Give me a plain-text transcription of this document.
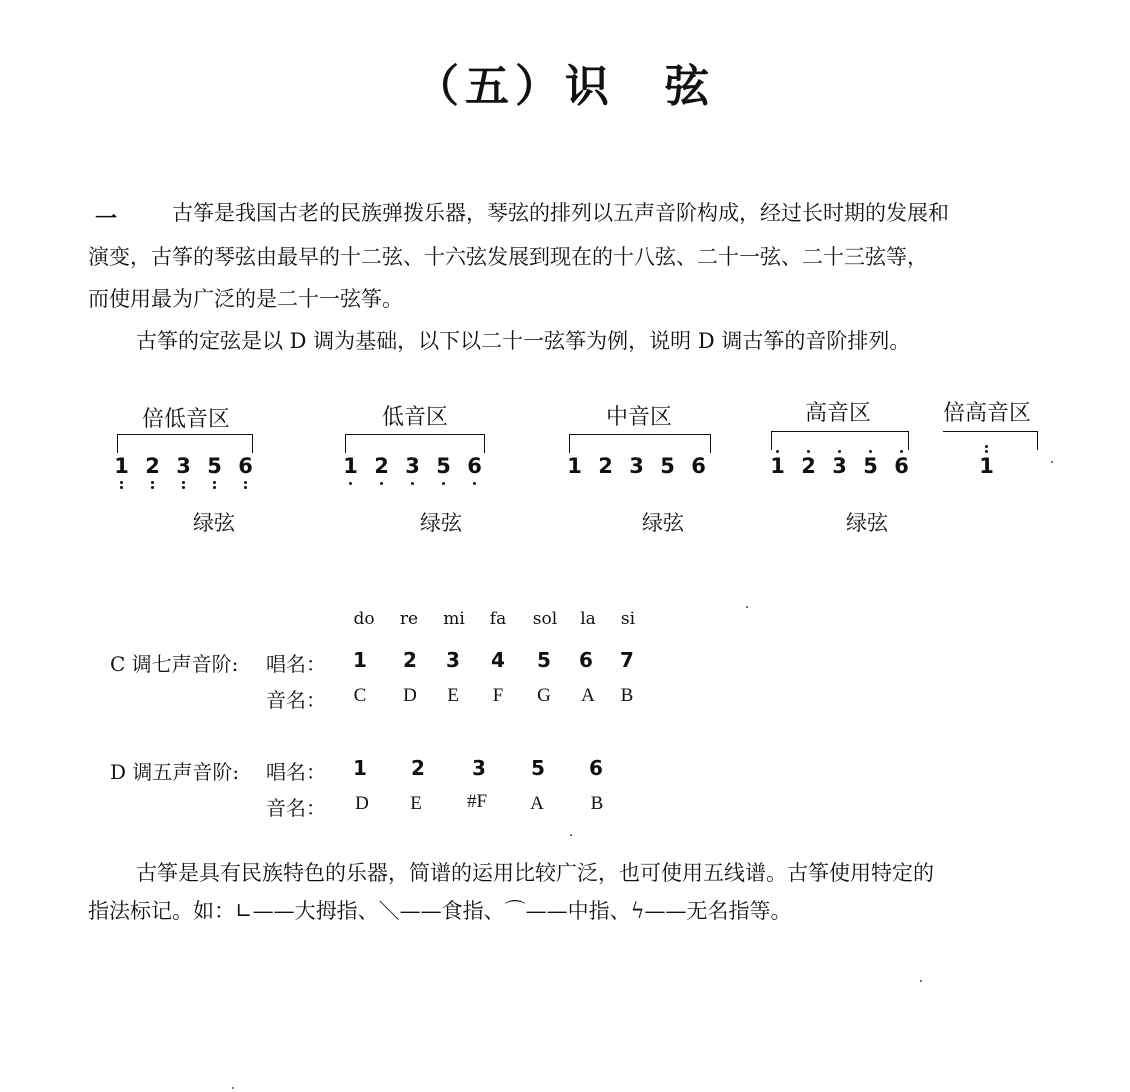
（五）识　弦
一	古筝是我国古老的民族弹拨乐器，琴弦的排列以五声音阶构成，经过长时期的发展和
演变，古筝的琴弦由最早的十二弦、十六弦发展到现在的十八弦、二十一弦、二十三弦等，
而使用最为广泛的是二十一弦筝。
古筝的定弦是以 D 调为基础，以下以二十一弦筝为例，说明 D 调古筝的音阶排列。
倍低音区	低音区	中音区	高音区	倍高音区
1 2 3 5 6	1 2 3 5 6	1 2 3 5 6	1 2 3 5 6	1
绿弦	绿弦	绿弦	绿弦
do	re	mi	fa	sol	la	si
C 调七声音阶: 唱名：	1	2	3	4	5	6	7
音名：	C	D	E	F	G	A	B
D 调五声音阶: 唱名：	1	2	3	5	6
音名：	D	E	#F	A	B
古筝是具有民族特色的乐器，简谱的运用比较广泛，也可使用五线谱。古筝使用特定的
指法标记。如：∟——大拇指、＼——食指、⌒——中指、ϟ——无名指等。
